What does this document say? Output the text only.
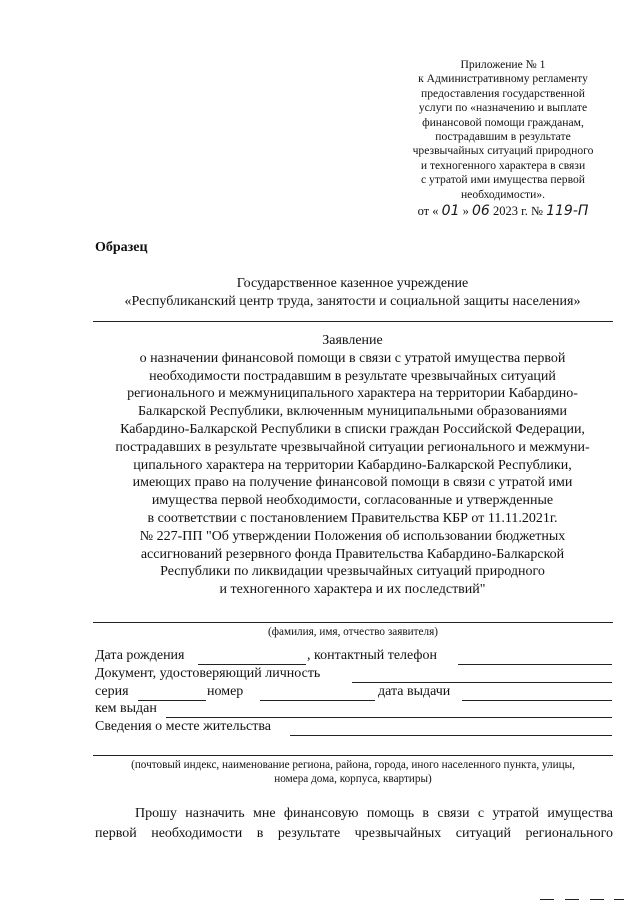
Приложение № 1
к Административному регламенту
предоставления государственной
услуги по «назначению и выплате
финансовой помощи гражданам,
пострадавшим в результате
чрезвычайных ситуаций природного
и техногенного характера в связи
с утратой ими имущества первой
необходимости».
от « 01 » 06 2023 г. № 119-П
Образец
Государственное казенное учреждение
«Республиканский центр труда, занятости и социальной защиты населения»
Заявление
о назначении финансовой помощи в связи с утратой имущества первой
необходимости пострадавшим в результате чрезвычайных ситуаций
регионального и межмуниципального характера на территории Кабардино-
Балкарской Республики, включенным муниципальными образованиями
Кабардино-Балкарской Республики в списки граждан Российской Федерации,
пострадавших в результате чрезвычайной ситуации регионального и межмуни-
ципального характера на территории Кабардино-Балкарской Республики,
имеющих право на получение финансовой помощи в связи с утратой ими
имущества первой необходимости, согласованные и утвержденные
в соответствии с постановлением Правительства КБР от 11.11.2021г.
№ 227-ПП "Об утверждении Положения об использовании бюджетных
ассигнований резервного фонда Правительства Кабардино-Балкарской
Республики по ликвидации чрезвычайных ситуаций природного
и техногенного характера и их последствий"
(фамилия, имя, отчество заявителя)
Дата рождения	, контактный телефон
Документ, удостоверяющий личность
серия	номер	дата выдачи
кем выдан
Сведения о месте жительства
(почтовый индекс, наименование региона, района, города, иного населенного пункта, улицы,
номера дома, корпуса, квартиры)
Прошу назначить мне финансовую помощь в связи с утратой имущества
первой необходимости в результате чрезвычайных ситуаций регионального
